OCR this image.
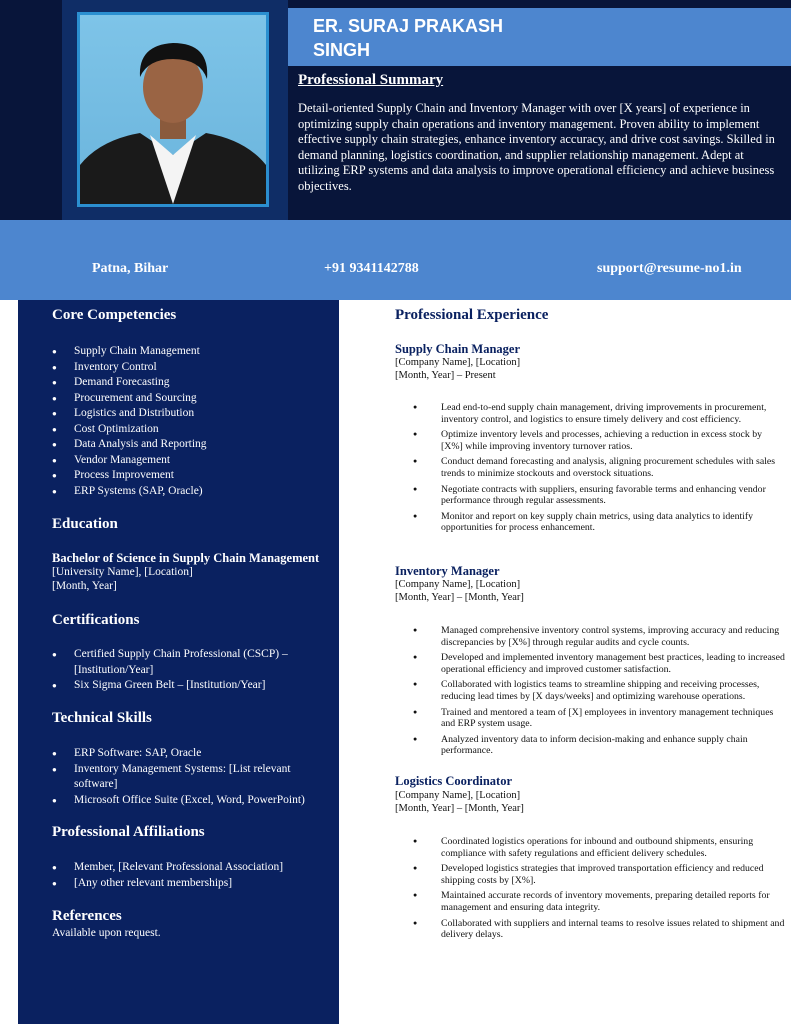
ER. SURAJ PRAKASH
SINGH
Professional Summary
Detail-oriented Supply Chain and Inventory Manager with over [X years] of experience in optimizing supply chain operations and inventory management. Proven ability to implement effective supply chain strategies, enhance inventory accuracy, and drive cost savings. Skilled in demand planning, logistics coordination, and supplier relationship management. Adept at utilizing ERP systems and data analysis to improve operational efficiency and achieve business objectives.
Patna, Bihar	+91 9341142788	support@resume-no1.in
Core Competencies
● Supply Chain Management
● Inventory Control
● Demand Forecasting
● Procurement and Sourcing
● Logistics and Distribution
● Cost Optimization
● Data Analysis and Reporting
● Vendor Management
● Process Improvement
● ERP Systems (SAP, Oracle)
Education
Bachelor of Science in Supply Chain Management
[University Name], [Location]
[Month, Year]
Certifications
● Certified Supply Chain Professional (CSCP) – [Institution/Year]
● Six Sigma Green Belt – [Institution/Year]
Technical Skills
● ERP Software: SAP, Oracle
● Inventory Management Systems: [List relevant software]
● Microsoft Office Suite (Excel, Word, PowerPoint)
Professional Affiliations
● Member, [Relevant Professional Association]
● [Any other relevant memberships]
References
Available upon request.
Professional Experience
Supply Chain Manager
[Company Name], [Location]
[Month, Year] – Present
● Lead end-to-end supply chain management, driving improvements in procurement, inventory control, and logistics to ensure timely delivery and cost efficiency.
● Optimize inventory levels and processes, achieving a reduction in excess stock by [X%] while improving inventory turnover ratios.
● Conduct demand forecasting and analysis, aligning procurement schedules with sales trends to minimize stockouts and overstock situations.
● Negotiate contracts with suppliers, ensuring favorable terms and enhancing vendor performance through regular assessments.
● Monitor and report on key supply chain metrics, using data analytics to identify opportunities for process enhancement.
Inventory Manager
[Company Name], [Location]
[Month, Year] – [Month, Year]
● Managed comprehensive inventory control systems, improving accuracy and reducing discrepancies by [X%] through regular audits and cycle counts.
● Developed and implemented inventory management best practices, leading to increased operational efficiency and improved customer satisfaction.
● Collaborated with logistics teams to streamline shipping and receiving processes, reducing lead times by [X days/weeks] and optimizing warehouse operations.
● Trained and mentored a team of [X] employees in inventory management techniques and ERP system usage.
● Analyzed inventory data to inform decision-making and enhance supply chain performance.
Logistics Coordinator
[Company Name], [Location]
[Month, Year] – [Month, Year]
● Coordinated logistics operations for inbound and outbound shipments, ensuring compliance with safety regulations and efficient delivery schedules.
● Developed logistics strategies that improved transportation efficiency and reduced shipping costs by [X%].
● Maintained accurate records of inventory movements, preparing detailed reports for management and ensuring data integrity.
● Collaborated with suppliers and internal teams to resolve issues related to shipment and delivery delays.
